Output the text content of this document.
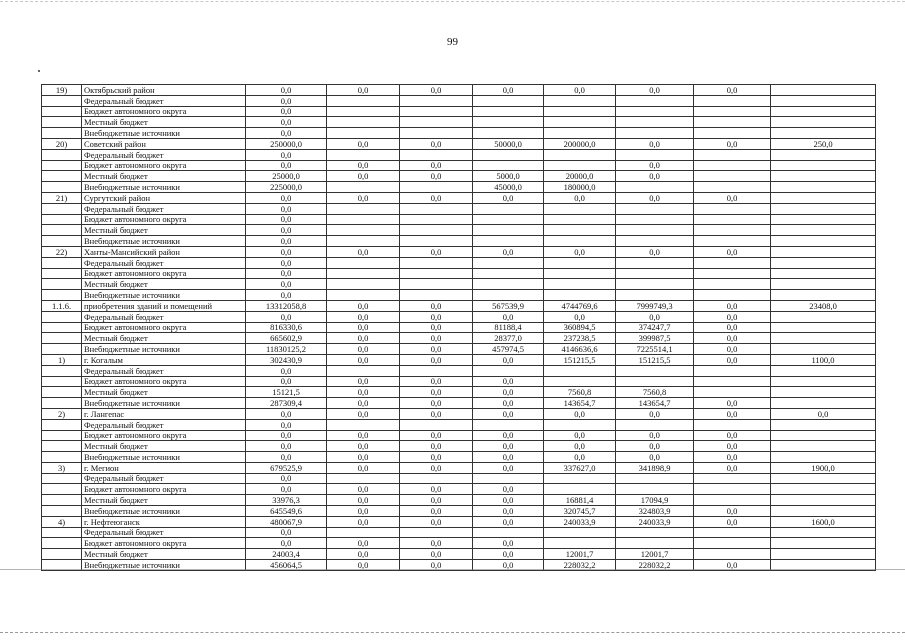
99
19)	Октябрьский район	0,0	0,0	0,0	0,0	0,0	0,0	0,0	
	Федеральный бюджет	0,0							
	Бюджет автономного округа	0,0							
	Местный бюджет	0,0							
	Внебюджетные источники	0,0							
20)	Советский район	250000,0	0,0	0,0	50000,0	200000,0	0,0	0,0	250,0
	Федеральный бюджет	0,0							
	Бюджет автономного округа	0,0	0,0	0,0			0,0		
	Местный бюджет	25000,0	0,0	0,0	5000,0	20000,0	0,0		
	Внебюджетные источники	225000,0			45000,0	180000,0			
21)	Сургутский район	0,0	0,0	0,0	0,0	0,0	0,0	0,0	
	Федеральный бюджет	0,0							
	Бюджет автономного округа	0,0							
	Местный бюджет	0,0							
	Внебюджетные источники	0,0							
22)	Ханты-Мансийский район	0,0	0,0	0,0	0,0	0,0	0,0	0,0	
	Федеральный бюджет	0,0							
	Бюджет автономного округа	0,0							
	Местный бюджет	0,0							
	Внебюджетные источники	0,0							
1.1.6.	приобретения зданий и помещений	13312058,8	0,0	0,0	567539,9	4744769,6	7999749,3	0,0	23408,0
	Федеральный бюджет	0,0	0,0	0,0	0,0	0,0	0,0	0,0	
	Бюджет автономного округа	816330,6	0,0	0,0	81188,4	360894,5	374247,7	0,0	
	Местный бюджет	665602,9	0,0	0,0	28377,0	237238,5	399987,5	0,0	
	Внебюджетные источники	11830125,2	0,0	0,0	457974,5	4146636,6	7225514,1	0,0	
1)	г. Когалым	302430,9	0,0	0,0	0,0	151215,5	151215,5	0,0	1100,0
	Федеральный бюджет	0,0							
	Бюджет автономного округа	0,0	0,0	0,0	0,0				
	Местный бюджет	15121,5	0,0	0,0	0,0	7560,8	7560,8		
	Внебюджетные источники	287309,4	0,0	0,0	0,0	143654,7	143654,7	0,0	
2)	г. Лангепас	0,0	0,0	0,0	0,0	0,0	0,0	0,0	0,0
	Федеральный бюджет	0,0							
	Бюджет автономного округа	0,0	0,0	0,0	0,0	0,0	0,0	0,0	
	Местный бюджет	0,0	0,0	0,0	0,0	0,0	0,0	0,0	
	Внебюджетные источники	0,0	0,0	0,0	0,0	0,0	0,0	0,0	
3)	г. Мегион	679525,9	0,0	0,0	0,0	337627,0	341898,9	0,0	1900,0
	Федеральный бюджет	0,0							
	Бюджет автономного округа	0,0	0,0	0,0	0,0				
	Местный бюджет	33976,3	0,0	0,0	0,0	16881,4	17094,9		
	Внебюджетные источники	645549,6	0,0	0,0	0,0	320745,7	324803,9	0,0	
4)	г. Нефтеюганск	480067,9	0,0	0,0	0,0	240033,9	240033,9	0,0	1600,0
	Федеральный бюджет	0,0							
	Бюджет автономного округа	0,0	0,0	0,0	0,0				
	Местный бюджет	24003,4	0,0	0,0	0,0	12001,7	12001,7		
	Внебюджетные источники	456064,5	0,0	0,0	0,0	228032,2	228032,2	0,0	
